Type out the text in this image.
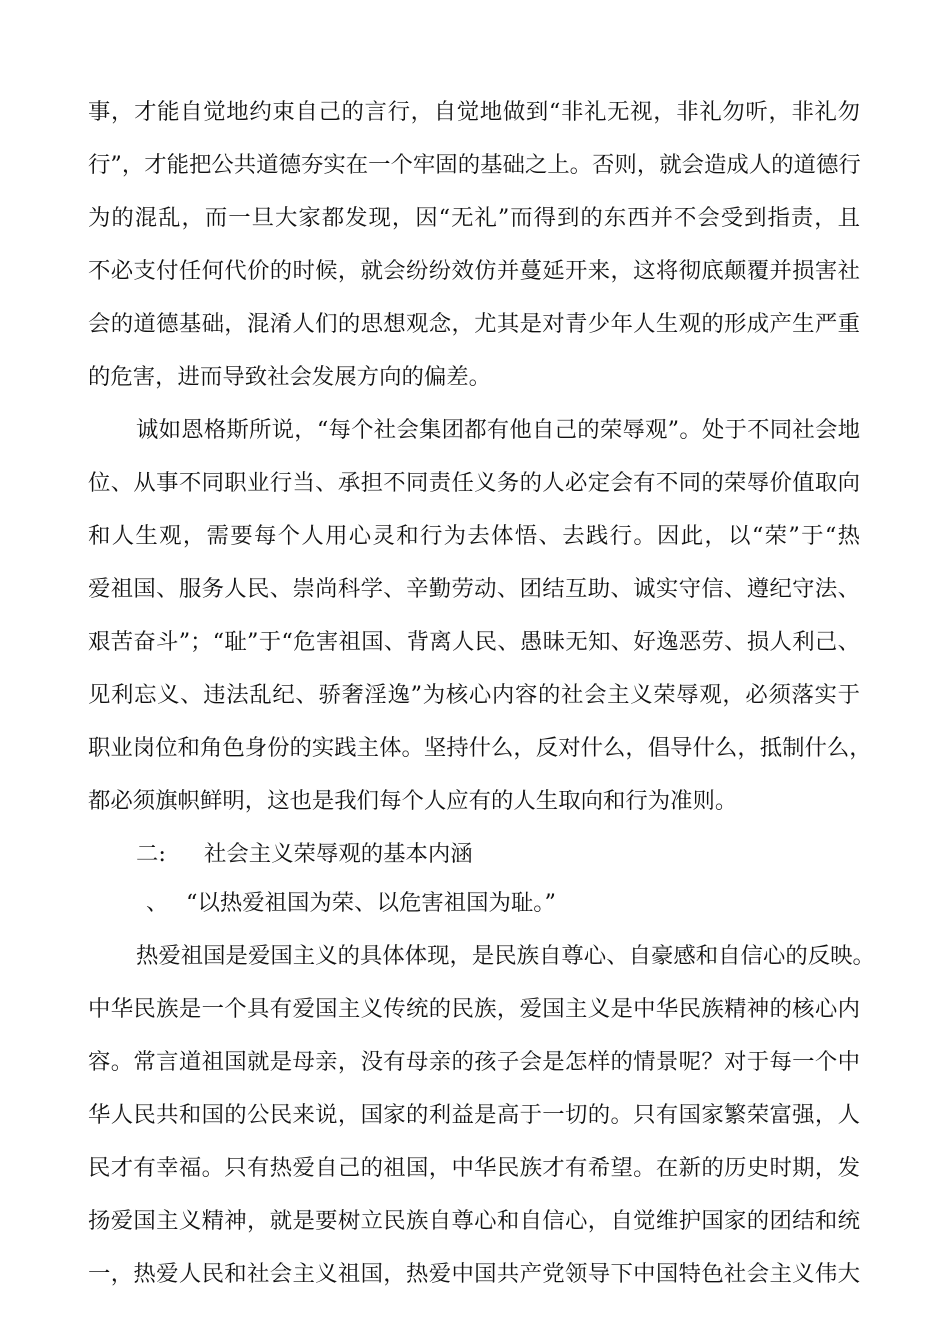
事，才能自觉地约束自己的言行，自觉地做到“非礼无视，非礼勿听，非礼勿
行”，才能把公共道德夯实在一个牢固的基础之上。否则，就会造成人的道德行
为的混乱，而一旦大家都发现，因“无礼”而得到的东西并不会受到指责，且
不必支付任何代价的时候，就会纷纷效仿并蔓延开来，这将彻底颠覆并损害社
会的道德基础，混淆人们的思想观念，尤其是对青少年人生观的形成产生严重
的危害，进而导致社会发展方向的偏差。
诚如恩格斯所说，“每个社会集团都有他自己的荣辱观”。处于不同社会地
位、从事不同职业行当、承担不同责任义务的人必定会有不同的荣辱价值取向
和人生观，需要每个人用心灵和行为去体悟、去践行。因此，以“荣”于“热
爱祖国、服务人民、崇尚科学、辛勤劳动、团结互助、诚实守信、遵纪守法、
艰苦奋斗”；“耻”于“危害祖国、背离人民、愚昧无知、好逸恶劳、损人利己、
见利忘义、违法乱纪、骄奢淫逸”为核心内容的社会主义荣辱观，必须落实于
职业岗位和角色身份的实践主体。坚持什么，反对什么，倡导什么，抵制什么，
都必须旗帜鲜明，这也是我们每个人应有的人生取向和行为准则。
二: 社会主义荣辱观的基本内涵
、 “以热爱祖国为荣、以危害祖国为耻。”
热爱祖国是爱国主义的具体体现，是民族自尊心、自豪感和自信心的反映。
中华民族是一个具有爱国主义传统的民族，爱国主义是中华民族精神的核心内
容。常言道祖国就是母亲，没有母亲的孩子会是怎样的情景呢？对于每一个中
华人民共和国的公民来说，国家的利益是高于一切的。只有国家繁荣富强，人
民才有幸福。只有热爱自己的祖国，中华民族才有希望。在新的历史时期，发
扬爱国主义精神，就是要树立民族自尊心和自信心，自觉维护国家的团结和统
一，热爱人民和社会主义祖国，热爱中国共产党领导下中国特色社会主义伟大
